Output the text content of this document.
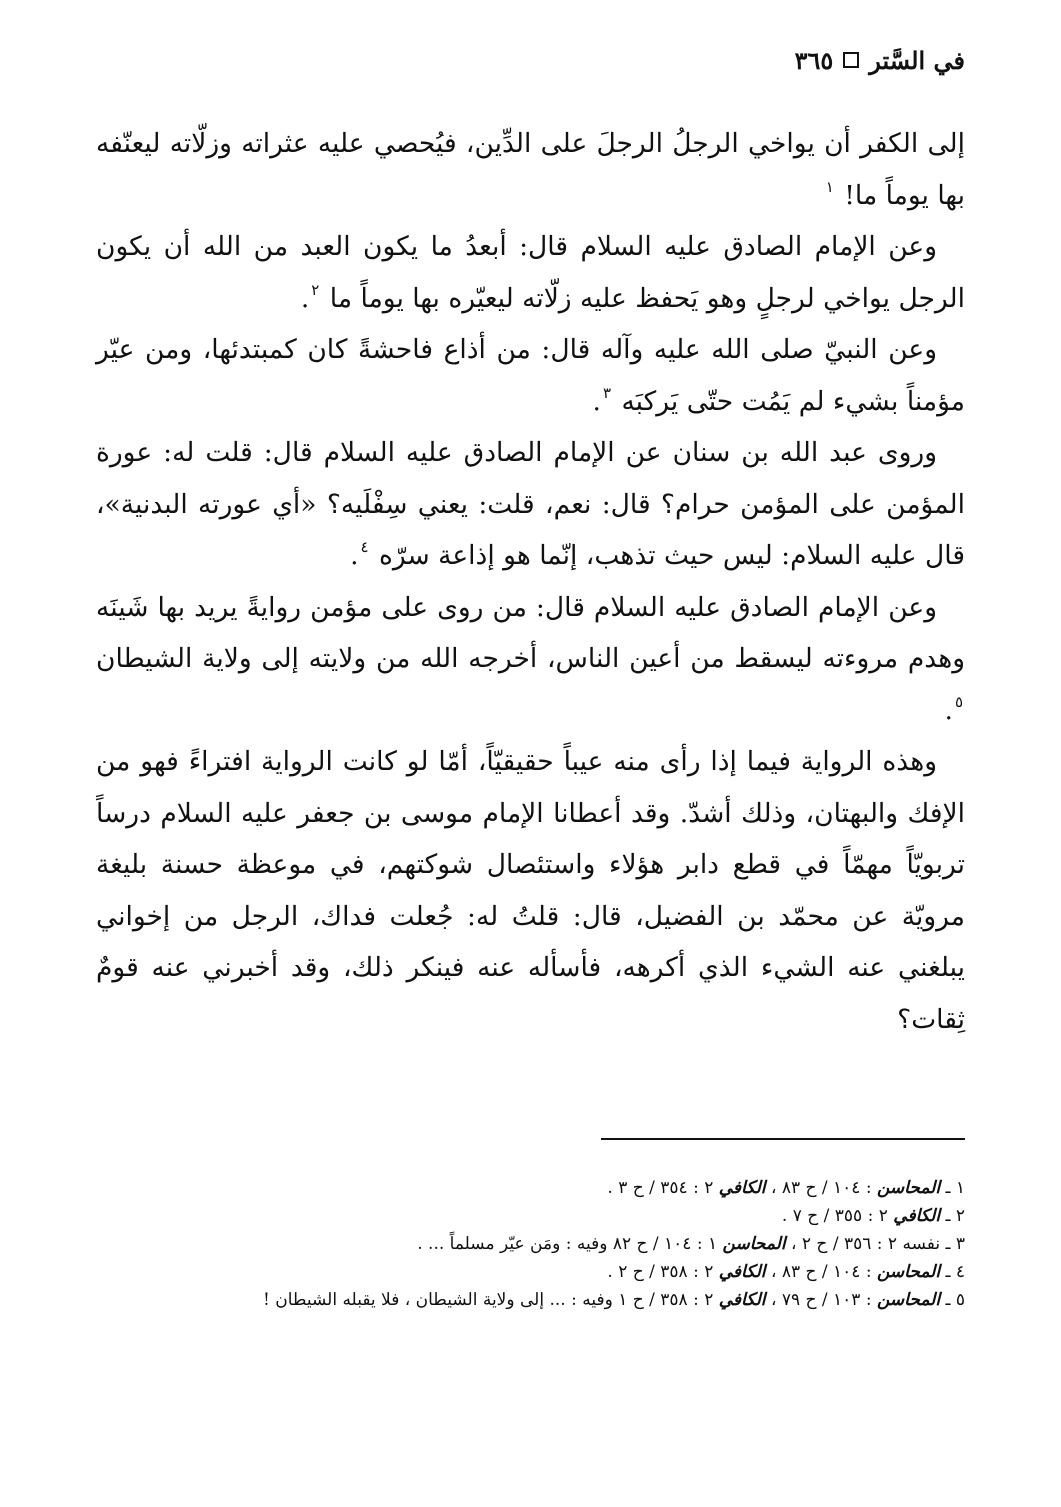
في السَّتر
٣٦٥

إلى الكفر أن يواخي الرجلُ الرجلَ على الدِّين، فيُحصي عليه عثراته وزلّاته ليعنّفه بها يوماً ما! $^١$

وعن الإمام الصادق عليه السلام قال: أبعدُ ما يكون العبد من الله أن يكون الرجل يواخي لرجلٍ وهو يَحفظ عليه زلّاته ليعيّره بها يوماً ما $^٢$.

وعن النبيّ صلى الله عليه وآله قال: من أذاع فاحشةً كان كمبتدئها، ومن عيّر مؤمناً بشيء لم يَمُت حتّى يَركبَه $^٣$.

وروى عبد الله بن سنان عن الإمام الصادق عليه السلام قال: قلت له: عورة المؤمن على المؤمن حرام؟ قال: نعم، قلت: يعني سِفْلَيه؟ «أي عورته البدنية»، قال عليه السلام: ليس حيث تذهب، إنّما هو إذاعة سرّه $^٤$.

وعن الإمام الصادق عليه السلام قال: من روى على مؤمن روايةً يريد بها شَينَه وهدم مروءته ليسقط من أعين الناس، أخرجه الله من ولايته إلى ولاية الشيطان $^٥$.

وهذه الرواية فيما إذا رأى منه عيباً حقيقيّاً، أمّا لو كانت الرواية افتراءً فهو من الإفك والبهتان، وذلك أشدّ. وقد أعطانا الإمام موسى بن جعفر عليه السلام درساً تربويّاً مهمّاً في قطع دابر هؤلاء واستئصال شوكتهم، في موعظة حسنة بليغة مرويّة عن محمّد بن الفضيل، قال: قلتُ له: جُعلت فداك، الرجل من إخواني يبلغني عنه الشيء الذي أكرهه، فأسأله عنه فينكر ذلك، وقد أخبرني عنه قومٌ ثِقات؟

١ ـ المحاسن : ١٠٤ / ح ٨٣ ، الكافي ٢ : ٣٥٤ / ح ٣ .

٢ ـ الكافي ٢ : ٣٥٥ / ح ٧ .

٣ ـ نفسه ٢ : ٣٥٦ / ح ٢ ، المحاسن ١ : ١٠٤ / ح ٨٢ وفيه : ومَن عيّر مسلماً ... .

٤ ـ المحاسن : ١٠٤ / ح ٨٣ ، الكافي ٢ : ٣٥٨ / ح ٢ .

٥ ـ المحاسن : ١٠٣ / ح ٧٩ ، الكافي ٢ : ٣٥٨ / ح ١ وفيه : ... إلى ولاية الشيطان ، فلا يقبله الشيطان !
